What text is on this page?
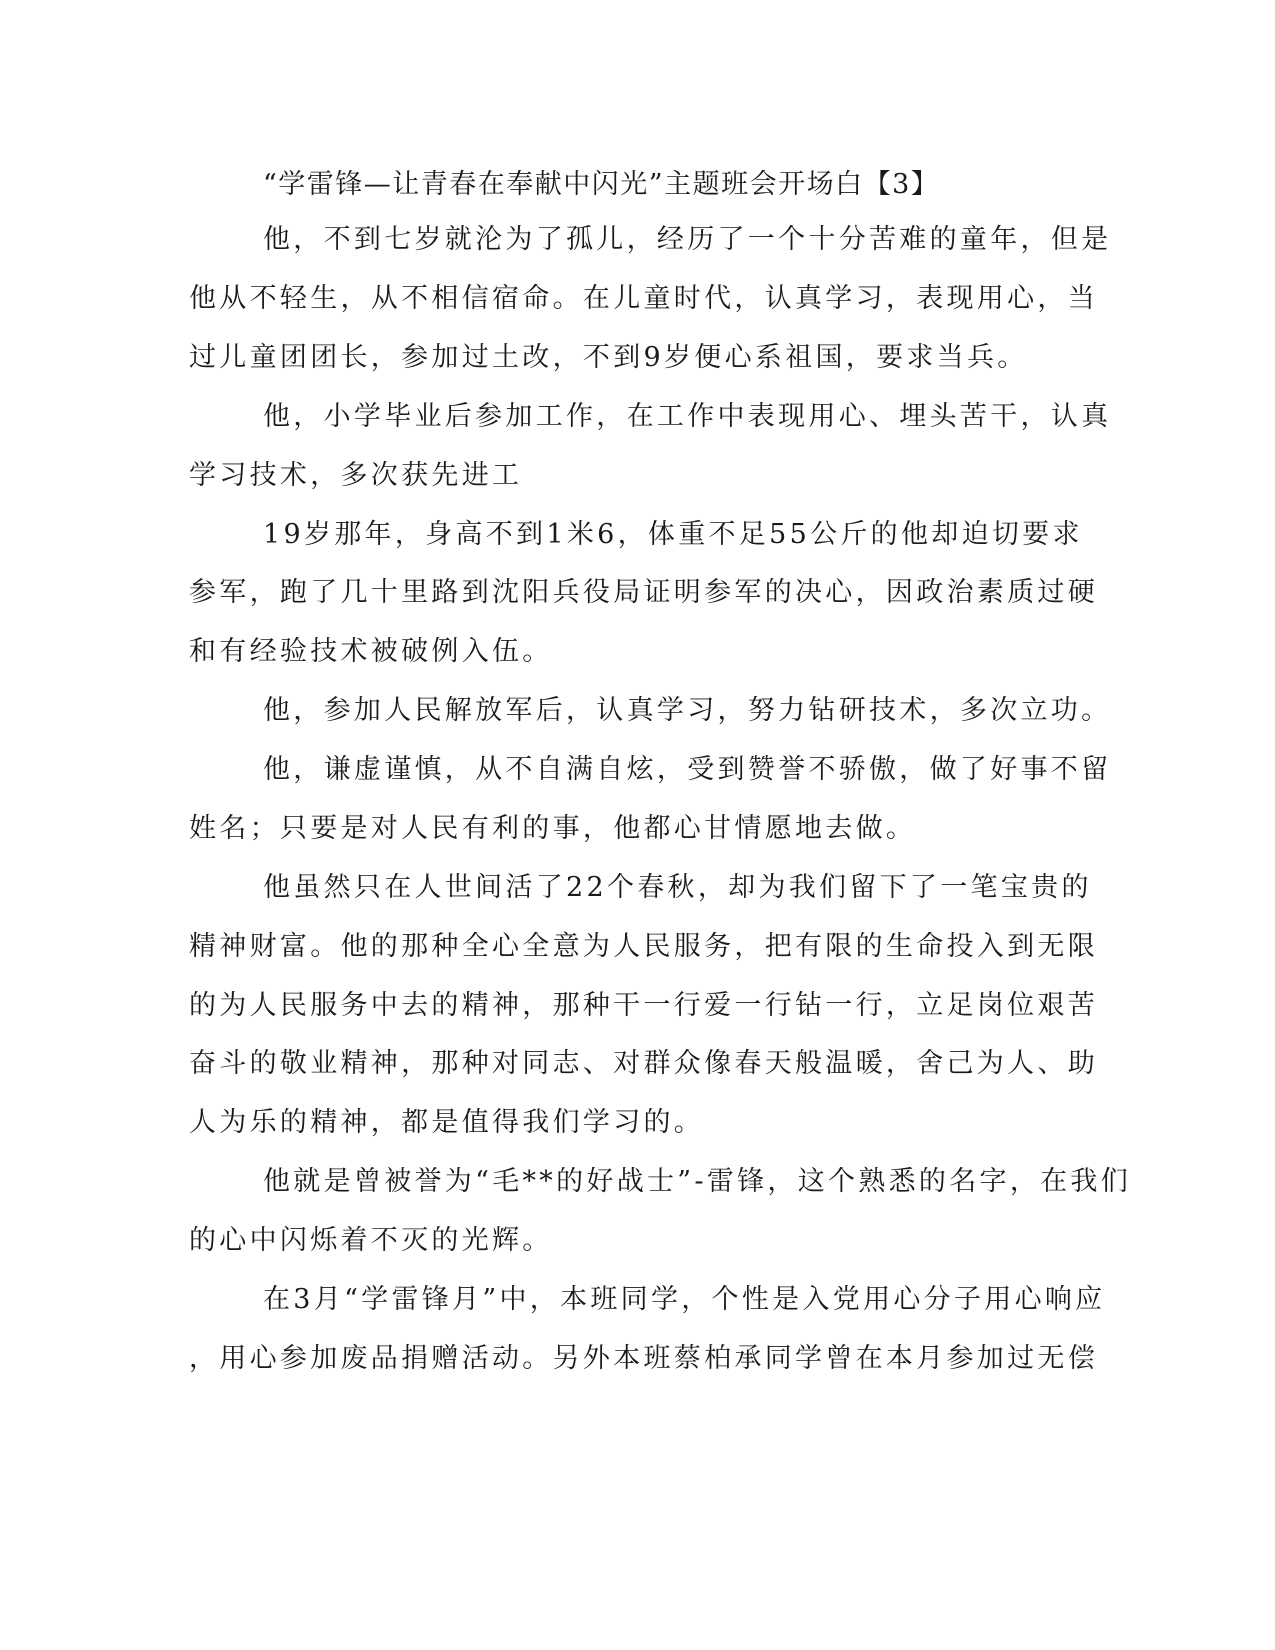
“学雷锋—让青春在奉献中闪光”主题班会开场白【3】
他，不到七岁就沦为了孤儿，经历了一个十分苦难的童年，但是
他从不轻生，从不相信宿命。在儿童时代，认真学习，表现用心，当
过儿童团团长，参加过土改，不到9岁便心系祖国，要求当兵。
他，小学毕业后参加工作，在工作中表现用心、埋头苦干，认真
学习技术，多次获先进工
19岁那年，身高不到1米6，体重不足55公斤的他却迫切要求
参军，跑了几十里路到沈阳兵役局证明参军的决心，因政治素质过硬
和有经验技术被破例入伍。
他，参加人民解放军后，认真学习，努力钻研技术，多次立功。
他，谦虚谨慎，从不自满自炫，受到赞誉不骄傲，做了好事不留
姓名；只要是对人民有利的事，他都心甘情愿地去做。
他虽然只在人世间活了22个春秋，却为我们留下了一笔宝贵的
精神财富。他的那种全心全意为人民服务，把有限的生命投入到无限
的为人民服务中去的精神，那种干一行爱一行钻一行，立足岗位艰苦
奋斗的敬业精神，那种对同志、对群众像春天般温暖，舍己为人、助
人为乐的精神，都是值得我们学习的。
他就是曾被誉为“毛**的好战士”-雷锋，这个熟悉的名字，在我们
的心中闪烁着不灭的光辉。
在3月“学雷锋月”中，本班同学，个性是入党用心分子用心响应
，用心参加废品捐赠活动。另外本班蔡柏承同学曾在本月参加过无偿
